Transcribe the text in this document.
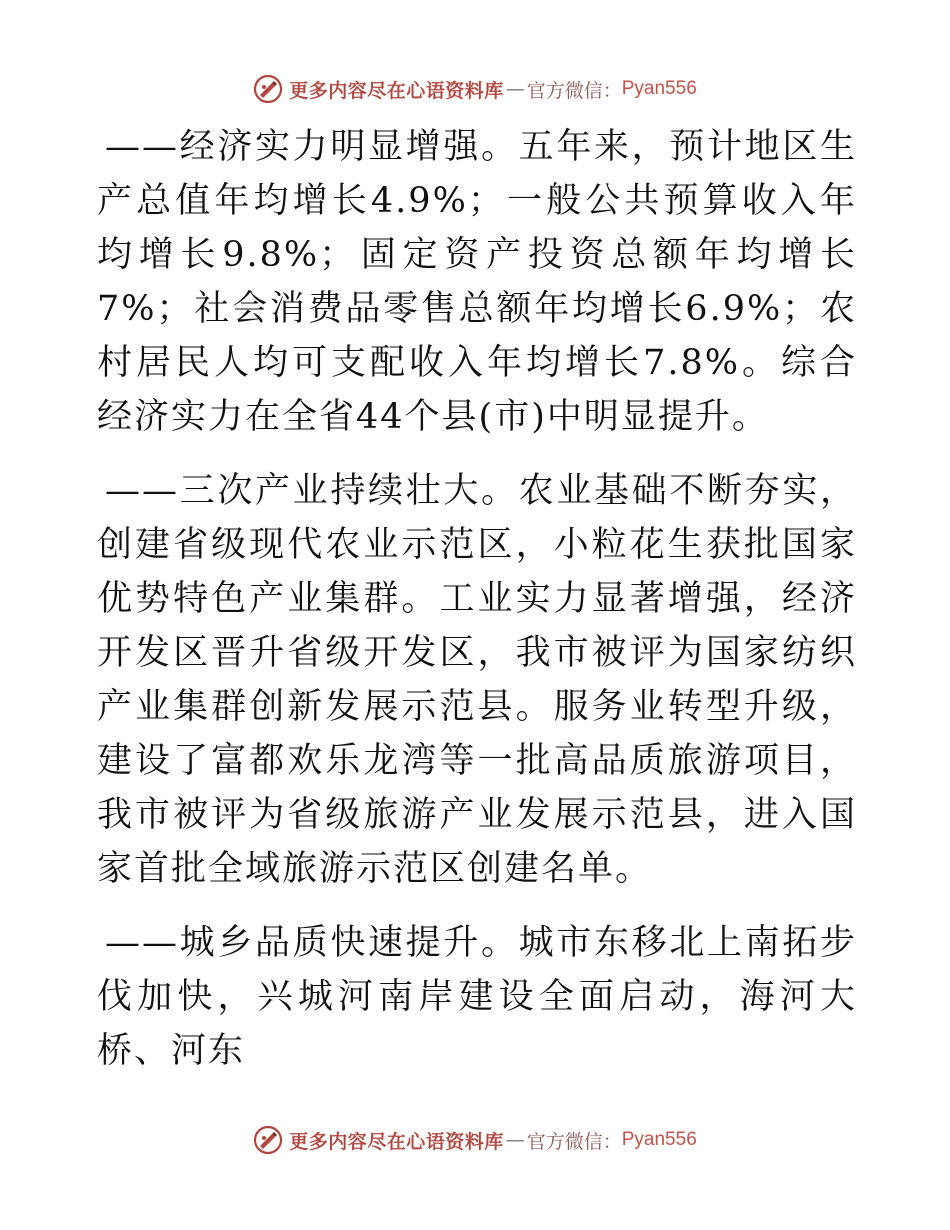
更多内容尽在心语资料库 — 官方微信： Pyan556

——经济实力明显增强。五年来，预计地区生产总值年均增长4.9%；一般公共预算收入年均增长9.8%；固定资产投资总额年均增长7%；社会消费品零售总额年均增长6.9%；农村居民人均可支配收入年均增长7.8%。综合经济实力在全省44个县(市)中明显提升。

——三次产业持续壮大。农业基础不断夯实，创建省级现代农业示范区，小粒花生获批国家优势特色产业集群。工业实力显著增强，经济开发区晋升省级开发区，我市被评为国家纺织产业集群创新发展示范县。服务业转型升级，建设了富都欢乐龙湾等一批高品质旅游项目，我市被评为省级旅游产业发展示范县，进入国家首批全域旅游示范区创建名单。

——城乡品质快速提升。城市东移北上南拓步伐加快，兴城河南岸建设全面启动，海河大桥、河东

更多内容尽在心语资料库 — 官方微信： Pyan556
